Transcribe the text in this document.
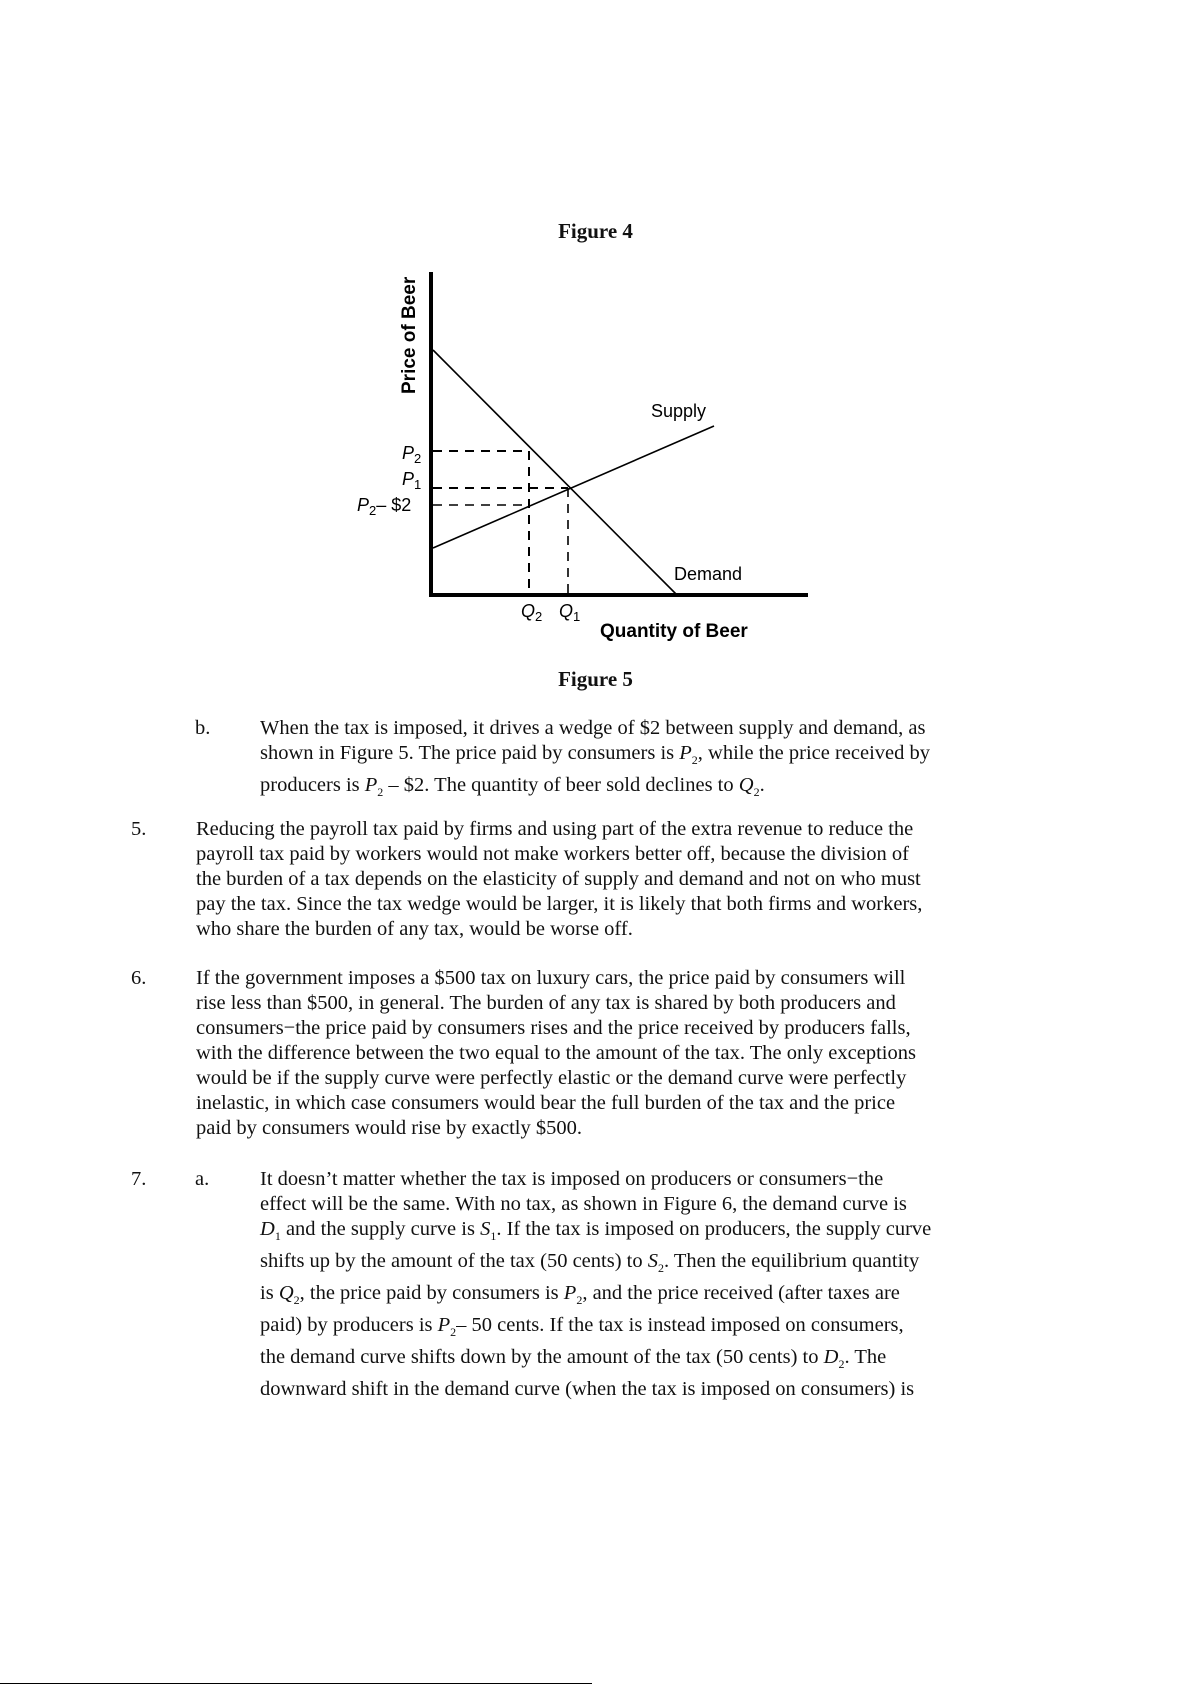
Figure 4
Price of Beer
Quantity of Beer
Supply
Demand
$P_2$
$P_1$
$P_2-$ $2
$Q_2$ $Q_1$
Figure 5
b. When the tax is imposed, it drives a wedge of $2 between supply and demand, as
shown in Figure 5. The price paid by consumers is $P_2$, while the price received by
producers is $P_2$ – $2. The quantity of beer sold declines to $Q_2$.
5. Reducing the payroll tax paid by firms and using part of the extra revenue to reduce the
payroll tax paid by workers would not make workers better off, because the division of
the burden of a tax depends on the elasticity of supply and demand and not on who must
pay the tax. Since the tax wedge would be larger, it is likely that both firms and workers,
who share the burden of any tax, would be worse off.
6. If the government imposes a $500 tax on luxury cars, the price paid by consumers will
rise less than $500, in general. The burden of any tax is shared by both producers and
consumers−the price paid by consumers rises and the price received by producers falls,
with the difference between the two equal to the amount of the tax. The only exceptions
would be if the supply curve were perfectly elastic or the demand curve were perfectly
inelastic, in which case consumers would bear the full burden of the tax and the price
paid by consumers would rise by exactly $500.
7. a. It doesn’t matter whether the tax is imposed on producers or consumers−the
effect will be the same. With no tax, as shown in Figure 6, the demand curve is
$D_1$ and the supply curve is $S_1$. If the tax is imposed on producers, the supply curve
shifts up by the amount of the tax (50 cents) to $S_2$. Then the equilibrium quantity
is $Q_2$, the price paid by consumers is $P_2$, and the price received (after taxes are
paid) by producers is $P_2-$ 50 cents. If the tax is instead imposed on consumers,
the demand curve shifts down by the amount of the tax (50 cents) to $D_2$. The
downward shift in the demand curve (when the tax is imposed on consumers) is
